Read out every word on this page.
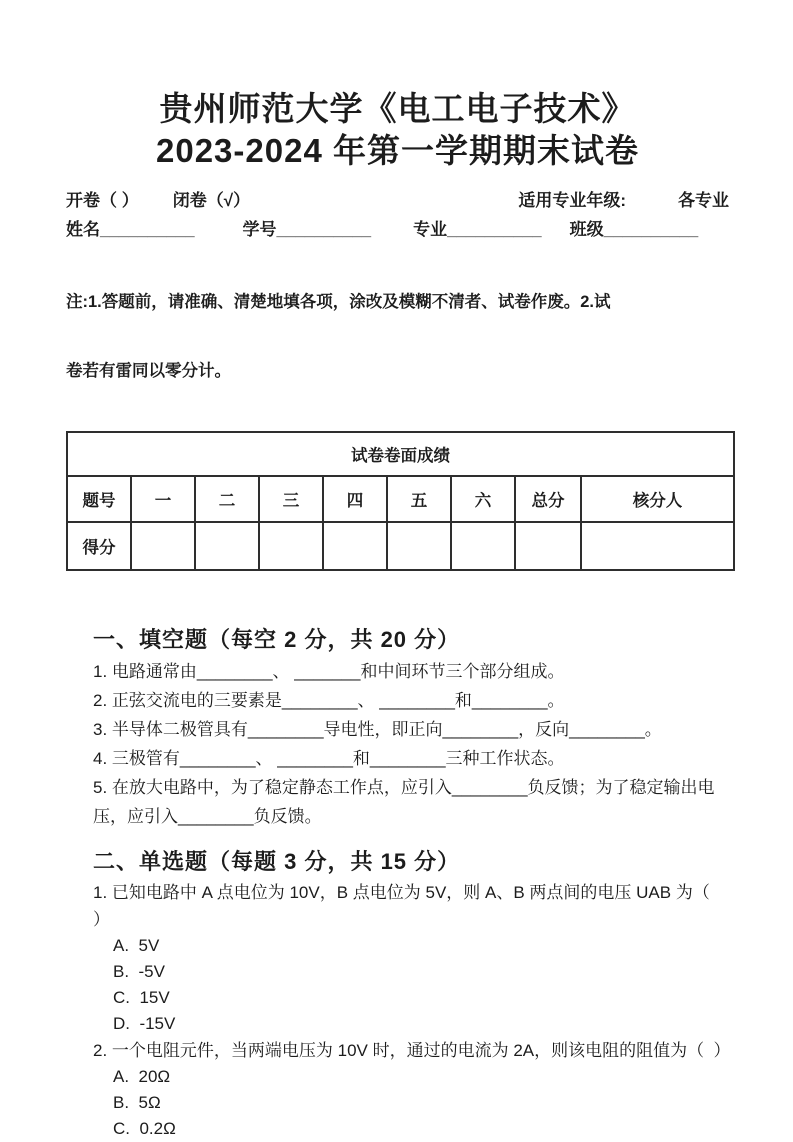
贵州师范大学《电工电子技术》
2023-2024 年第一学期期末试卷
开卷（ ） 闭卷（√）	适用专业年级:	各专业
姓名 __________	学号 __________ 专业 __________ 班级 __________

注:1.答题前，请准确、清楚地填各项，涂改及模糊不清者、试卷作废。2.试

卷若有雷同以零分计。

试卷卷面成绩								
题号	一	二	三	四	五	六	总分	核分人
得分								
一、填空题（每空 2 分，共 20 分）
1. 电路通常由________、 _______和中间环节三个部分组成。
2. 正弦交流电的三要素是________、 ________和________。
3. 半导体二极管具有________导电性，即正向________，反向________。
4. 三极管有________、 ________和________三种工作状态。
5. 在放大电路中，为了稳定静态工作点，应引入________负反馈；为了稳定输出电压，应引入________负反馈。
二、单选题（每题 3 分，共 15 分）
1. 已知电路中 A 点电位为 10V，B 点电位为 5V，则 A、B 两点间的电压 UAB 为（  ）
A.  5V
B.  -5V
C.  15V
D.  -15V
2. 一个电阻元件，当两端电压为 10V 时，通过的电流为 2A，则该电阻的阻值为（  ）
A.  20Ω
B.  5Ω
C.  0.2Ω
